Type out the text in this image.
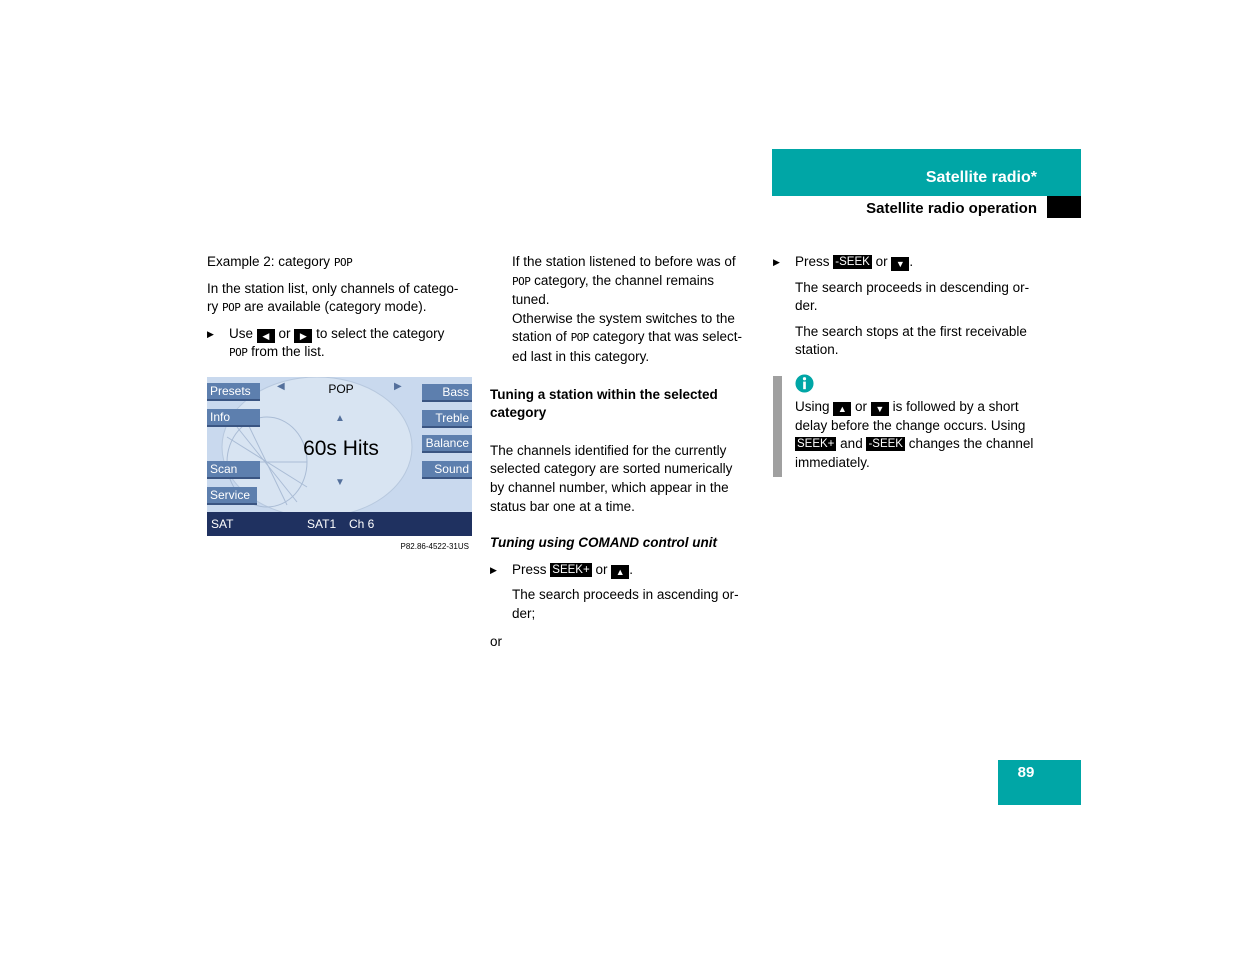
Satellite radio*
Satellite radio operation

Example 2: category POP

In the station list, only channels of catego-
ry POP are available (category mode).

▶ Use ◀ or ▶ to select the category
POP from the list.

Presets
Info
Scan
Service
Bass
Treble
Balance
Sound
◀	POP	▶
▲
60s Hits
▼
SAT	SAT1 Ch 6
P82.86-4522-31US

If the station listened to before was of
POP category, the channel remains
tuned.
Otherwise the system switches to the
station of POP category that was select-
ed last in this category.

Tuning a station within the selected
category

The channels identified for the currently
selected category are sorted numerically
by channel number, which appear in the
status bar one at a time.

Tuning using COMAND control unit

▶ Press SEEK+ or ▲ .

The search proceeds in ascending or-
der;

or

▶ Press -SEEK or ▼ .

The search proceeds in descending or-
der.

The search stops at the first receivable
station.

Using ▲ or ▼ is followed by a short
delay before the change occurs. Using
SEEK+ and -SEEK changes the channel
immediately.

89
